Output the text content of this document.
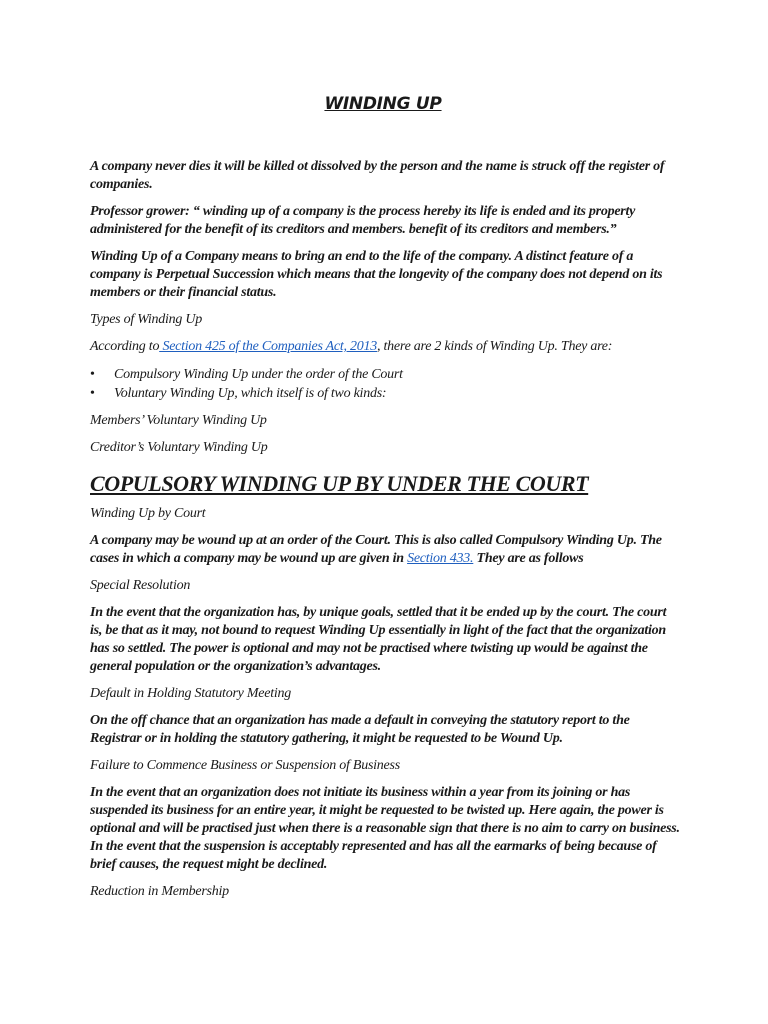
WINDING UP

A company never dies it will be killed ot dissolved by the person and the name is struck off the register of companies.

Professor grower: “ winding up of a company is the process hereby its life is ended and its property administered for the benefit of its creditors and members. benefit of its creditors and members.”

Winding Up of a Company means to bring an end to the life of the company. A distinct feature of a company is Perpetual Succession which means that the longevity of the company does not depend on its members or their financial status.

Types of Winding Up

According to Section 425 of the Companies Act, 2013, there are 2 kinds of Winding Up. They are:

• Compulsory Winding Up under the order of the Court
• Voluntary Winding Up, which itself is of two kinds:

Members’ Voluntary Winding Up

Creditor’s Voluntary Winding Up

COPULSORY WINDING UP BY UNDER THE COURT

Winding Up by Court

A company may be wound up at an order of the Court. This is also called Compulsory Winding Up. The cases in which a company may be wound up are given in Section 433. They are as follows

Special Resolution

In the event that the organization has, by unique goals, settled that it be ended up by the court. The court is, be that as it may, not bound to request Winding Up essentially in light of the fact that the organization has so settled. The power is optional and may not be practised where twisting up would be against the general population or the organization’s advantages.

Default in Holding Statutory Meeting

On the off chance that an organization has made a default in conveying the statutory report to the Registrar or in holding the statutory gathering, it might be requested to be Wound Up.

Failure to Commence Business or Suspension of Business

In the event that an organization does not initiate its business within a year from its joining or has suspended its business for an entire year, it might be requested to be twisted up. Here again, the power is optional and will be practised just when there is a reasonable sign that there is no aim to carry on business. In the event that the suspension is acceptably represented and has all the earmarks of being because of brief causes, the request might be declined.

Reduction in Membership
